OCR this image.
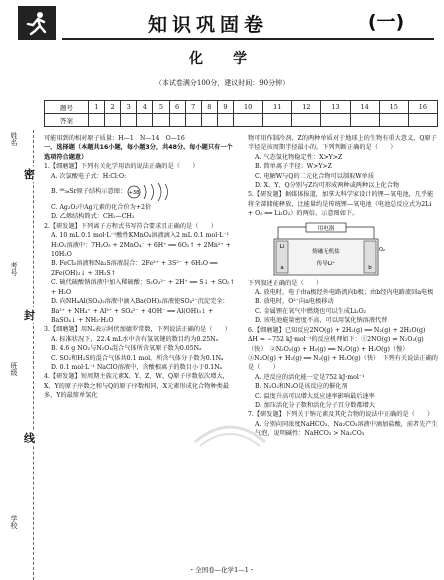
知识巩固卷	(一)
化　学
（本试卷满分100分，建议时间：90分钟）
题号	1	2	3	4	5	6	7	8	9	10	11	12	13	14	15	16
答案																
姓名
考号
班级
学校
密
封
线

可能用到的相对原子质量：H—1　N—14　O—16

一、选择题（本题共16小题，每小题3分，共48分。每小题只有一个选项符合题意）

1.【细磨题】下列有关化学用语的说法正确的是（　　）

A. 次氯酸电子式：H:Cl:O:

B. ⁸⁸₃₈Sr原子结构示意图： +38

C. Ag₂O₂中Ag元素的化合价为+2价

D. 乙烯结构简式：CH₂—CH₂

2.【研发题】下列离子方程式书写符合要求且正确的是（　　）

A. 10 mL 0.1 mol·L⁻¹酸性KMnO₄溶液滴入2 mL 0.1 mol·L⁻¹ H₂O₂溶液中：7H₂O₂ + 2MnO₄⁻ + 6H⁺ ══ 6O₂↑ + 2Mn²⁺ + 10H₂O

B. FeCl₃溶液和Na₂S溶液混合：2Fe³⁺ + 3S²⁻ + 6H₂O ══ 2Fe(OH)₃↓ + 3H₂S↑

C. 硫代硫酸钠溶液中加入稀硫酸：S₂O₃²⁻ + 2H⁺ ══ S↓ + SO₂↑ + H₂O

D. 向NH₄Al(SO₄)₂溶液中滴入Ba(OH)₂溶液使SO₄²⁻沉淀完全：Ba²⁺ + NH₄⁺ + Al³⁺ + SO₄²⁻ + 4OH⁻ ══ Al(OH)₃↓ + BaSO₄↓ + NH₃·H₂O

3.【细磨题】用Nₐ表示阿伏加德罗常数，下列说法正确的是（　　）

A. 标准状况下，22.4 mL水中含有氢氧键的数目约为0.25Nₐ

B. 4.6 g NO₂与N₂O₄混合气体所含氧原子数为0.05Nₐ

C. SO₂和H₂S的混合气体共0.1 mol，所含气体分子数为0.1Nₐ

D. 0.1 mol·L⁻¹ NaClO溶液中，含酸根离子的数目小于0.1Nₐ

4.【研发题】短周期主族元素X、Y、Z、W、Q原子序数依次增大，X、Y的原子序数之和与Q的原子序数相同，X元素形成化合物种类最多，Y的最简单氢化

物可用作制冷剂，Z的两种单质对于地球上的生物有重大意义，Q原子半径是该周期半径最小的。下列判断正确的是（　　）

A. 气态氢化物稳定性：X>Y>Z

B. 简单离子半径：W>Y>Z

C. 电解W与Q的二元化合物可以制取W单质

D. X、Y、Q分别与Z均可形成两种或两种以上化合物

5.【研发题】据媒体报道，加拿大科学家设计的锂—氧电池，几乎能将全部储能释放，比能量约是传统锂—氧电池（电池总反应式为2Li + O₂ ══ Li₂O₂）的两倍。示意图如下。

用电器
Li
a	b
熔融无机盐
传导Li⁺
O₂

下列叙述正确的是（　　）

A. 放电时，电子由a极经外电路流向b极；由b经内电路流回a电极

B. 放电时，O²⁻向a电极移动

C. 金属锂在氧气中燃烧也可以生成Li₂O₂

D. 该电池能量密度不高，可以用氢化钠溶液代替

6.【细磨题】已知反应2NO(g) + 2H₂(g) ══ N₂(g) + 2H₂O(g)　ΔH = −752 kJ·mol⁻¹的反应机理如下：①2NO(g) ⇌ N₂O₂(g)（快）　②N₂O₂(g) + H₂(g) ══ N₂O(g) + H₂O(g)（慢）　③N₂O(g) + H₂(g) ══ N₂(g) + H₂O(g)（快）　下列有关说法正确的是（　　）

A. 逆反应的活化能一定是752 kJ·mol⁻¹

B. N₂O₂和N₂O是该反应的催化剂

C. 温度升高可以增大反应速率影响最后速率

D. 加压活化分子数和活化分子百分数都增大

7.【研发题】下列关于钠元素及其化合物的说法中正确的是（　　）

A. 分别向同浓度NaHCO₃、Na₂CO₃溶液中滴加盐酸，前者先产生气泡，说明碱性：NaHCO₃ > Na₂CO₃

・全国卷—化学1—1・
